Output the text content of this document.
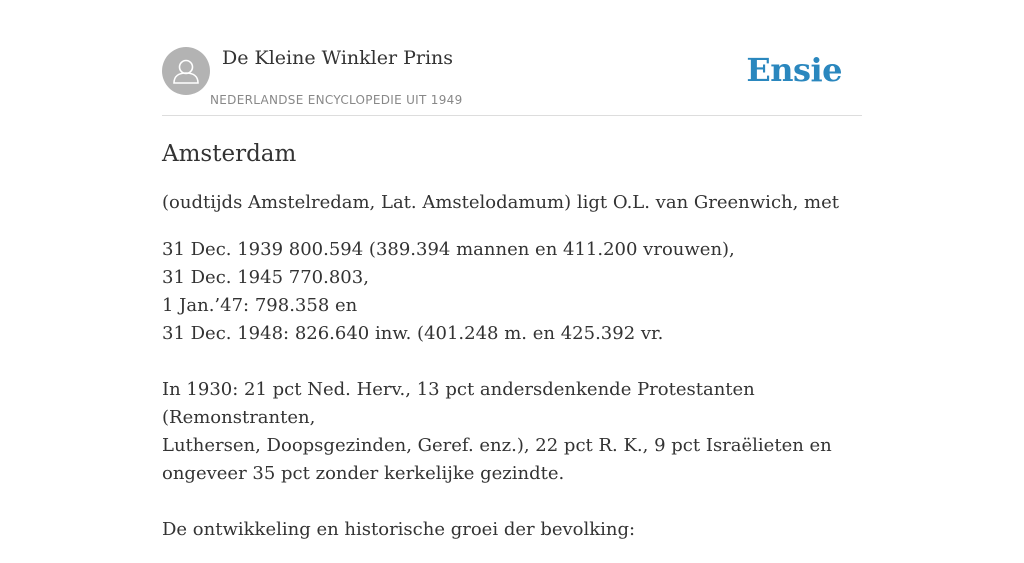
De Kleine Winkler Prins
NEDERLANDSE ENCYCLOPEDIE UIT 1949
Ensie
Amsterdam

(oudtijds Amstelredam, Lat. Amstelodamum) ligt O.L. van Greenwich, met

31 Dec. 1939 800.594 (389.394 mannen en 411.200 vrouwen),
31 Dec. 1945 770.803,
1 Jan.’47: 798.358 en
31 Dec. 1948: 826.640 inw. (401.248 m. en 425.392 vr.
In 1930: 21 pct Ned. Herv., 13 pct andersdenkende Protestanten (Remonstranten,
Luthersen, Doopsgezinden, Geref. enz.), 22 pct R. K., 9 pct Israëlieten en
ongeveer 35 pct zonder kerkelijke gezindte.
De ontwikkeling en historische groei der bevolking:
